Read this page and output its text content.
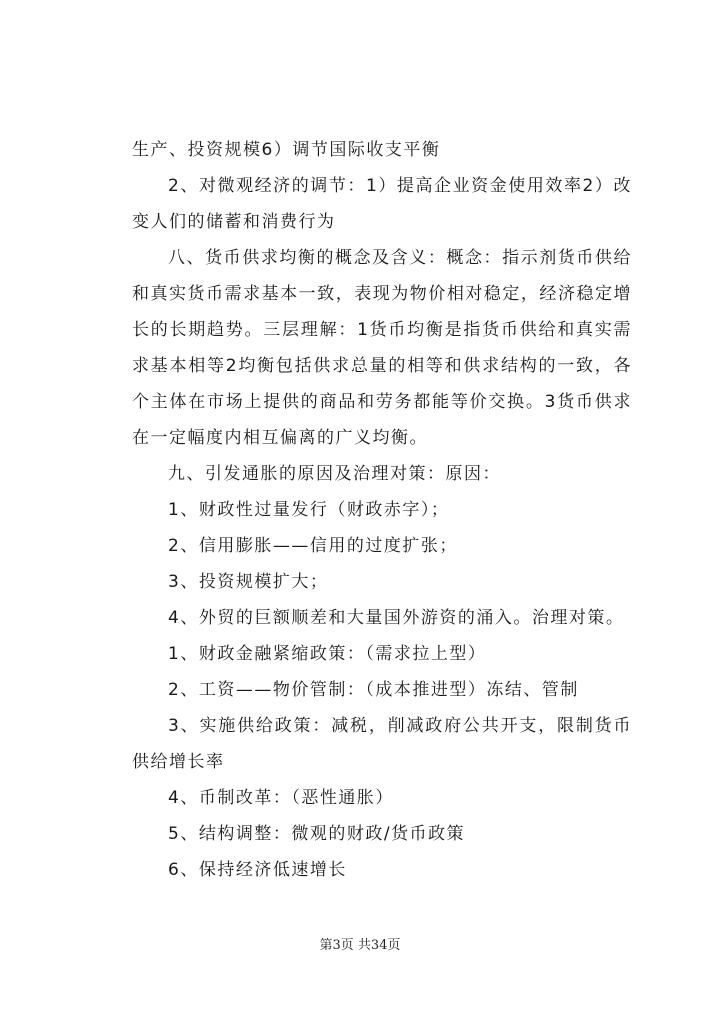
生产、投资规模6）调节国际收支平衡

2、对微观经济的调节：1）提高企业资金使用效率2）改变人们的储蓄和消费行为

八、货币供求均衡的概念及含义：概念：指示剂货币供给和真实货币需求基本一致，表现为物价相对稳定，经济稳定增长的长期趋势。三层理解：1货币均衡是指货币供给和真实需求基本相等2均衡包括供求总量的相等和供求结构的一致，各个主体在市场上提供的商品和劳务都能等价交换。3货币供求在一定幅度内相互偏离的广义均衡。

九、引发通胀的原因及治理对策：原因：

1、财政性过量发行（财政赤字）；

2、信用膨胀——信用的过度扩张；

3、投资规模扩大；

4、外贸的巨额顺差和大量国外游资的涌入。治理对策。

1、财政金融紧缩政策：（需求拉上型）

2、工资——物价管制：（成本推进型）冻结、管制

3、实施供给政策：减税，削减政府公共开支，限制货币供给增长率

4、币制改革：（恶性通胀）

5、结构调整：微观的财政/货币政策

6、保持经济低速增长

第3页 共34页
